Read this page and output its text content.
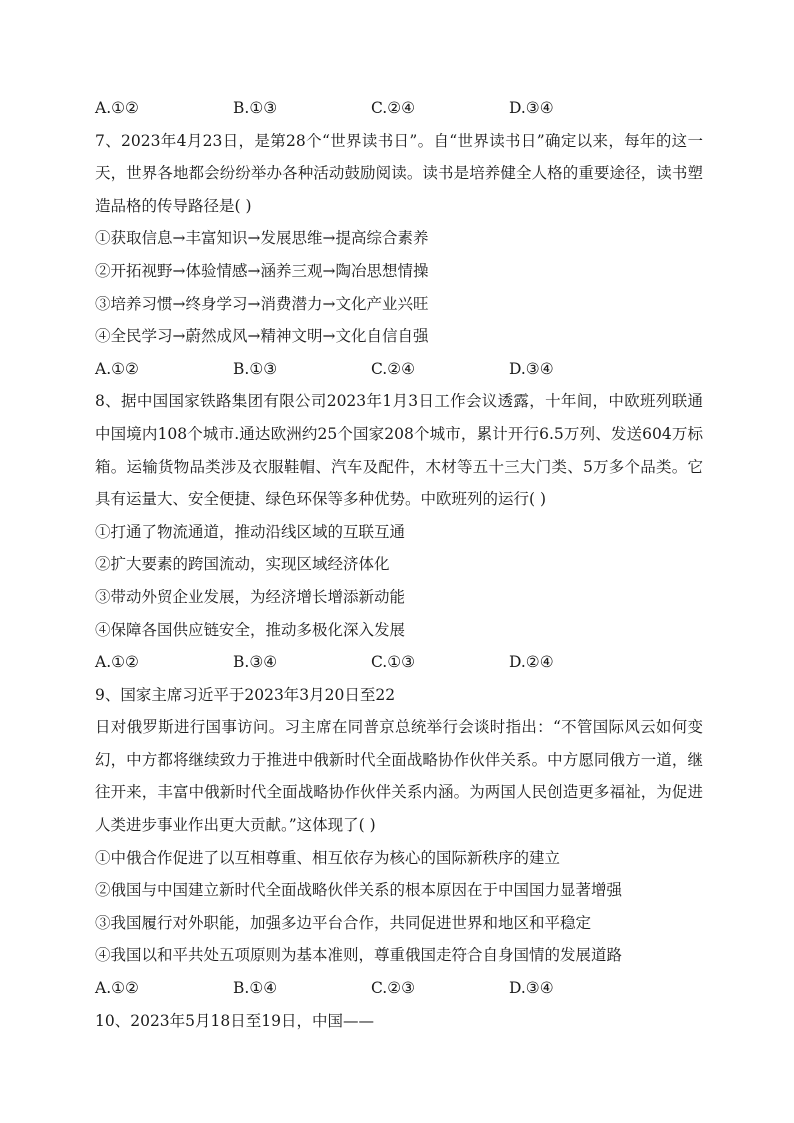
A.①②	B.①③	C.②④	D.③④
7、2023年4月23日，是第28个“世界读书日”。自“世界读书日”确定以来，每年的这一天，世界各地都会纷纷举办各种活动鼓励阅读。读书是培养健全人格的重要途径，读书塑造品格的传导路径是( )
①获取信息→丰富知识→发展思维→提高综合素养
②开拓视野→体验情感→涵养三观→陶冶思想情操
③培养习惯→终身学习→消费潜力→文化产业兴旺
④全民学习→蔚然成风→精神文明→文化自信自强
A.①②	B.①③	C.②④	D.③④
8、据中国国家铁路集团有限公司2023年1月3日工作会议透露，十年间，中欧班列联通中国境内108个城市.通达欧洲约25个国家208个城市，累计开行6.5万列、发送604万标箱。运输货物品类涉及衣服鞋帽、汽车及配件，木材等五十三大门类、5万多个品类。它具有运量大、安全便捷、绿色环保等多种优势。中欧班列的运行( )
①打通了物流通道，推动沿线区域的互联互通
②扩大要素的跨国流动，实现区域经济体化
③带动外贸企业发展，为经济增长增添新动能
④保障各国供应链安全，推动多极化深入发展
A.①②	B.③④	C.①③	D.②④
9、国家主席习近平于2023年3月20日至22
日对俄罗斯进行国事访问。习主席在同普京总统举行会谈时指出：“不管国际风云如何变幻，中方都将继续致力于推进中俄新时代全面战略协作伙伴关系。中方愿同俄方一道，继往开来，丰富中俄新时代全面战略协作伙伴关系内涵。为两国人民创造更多福祉，为促进人类进步事业作出更大贡献。”这体现了( )
①中俄合作促进了以互相尊重、相互依存为核心的国际新秩序的建立
②俄国与中国建立新时代全面战略伙伴关系的根本原因在于中国国力显著增强
③我国履行对外职能，加强多边平台合作，共同促进世界和地区和平稳定
④我国以和平共处五项原则为基本准则，尊重俄国走符合自身国情的发展道路
A.①②	B.①④	C.②③	D.③④
10、2023年5月18日至19日，中国——
